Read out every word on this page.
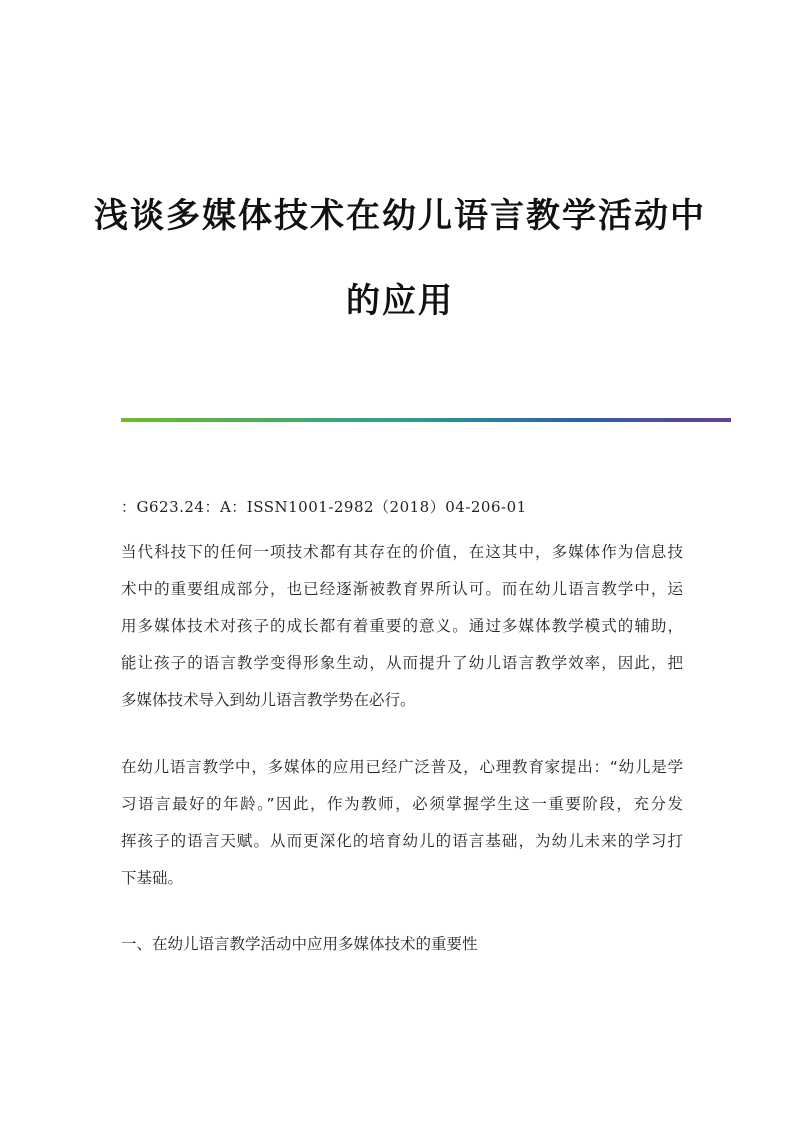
浅谈多媒体技术在幼儿语言教学活动中
的应用
：G623.24：A：ISSN1001-2982（2018）04-206-01
当代科技下的任何一项技术都有其存在的价值，在这其中，多媒体作为信息技
术中的重要组成部分，也已经逐渐被教育界所认可。而在幼儿语言教学中，运
用多媒体技术对孩子的成长都有着重要的意义。通过多媒体教学模式的辅助，
能让孩子的语言教学变得形象生动，从而提升了幼儿语言教学效率，因此，把
多媒体技术导入到幼儿语言教学势在必行。
在幼儿语言教学中，多媒体的应用已经广泛普及，心理教育家提出：“幼儿是学
习语言最好的年龄。”因此，作为教师，必须掌握学生这一重要阶段，充分发
挥孩子的语言天赋。从而更深化的培育幼儿的语言基础，为幼儿未来的学习打
下基础。
一、在幼儿语言教学活动中应用多媒体技术的重要性
